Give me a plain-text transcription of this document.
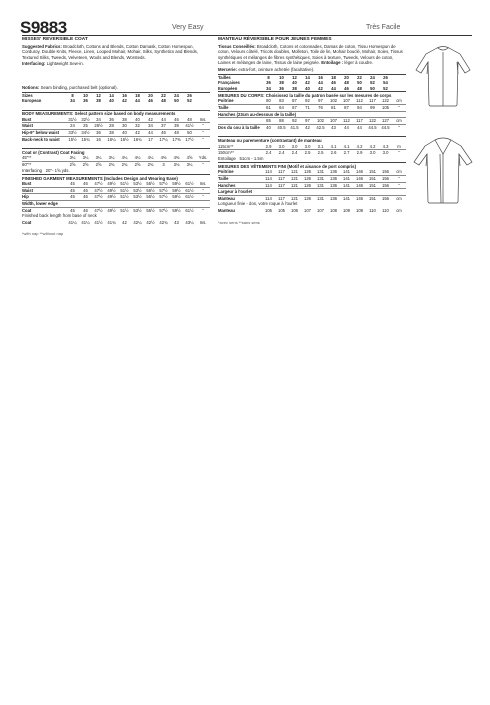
S9883	Very Easy	Très Facile
MISSES' REVERSIBLE COAT

Suggested Fabrics: Broadcloth, Cottons and Blends, Cotton Damask, Cotton Homespun, Corduroy, Double Knits, Fleece, Linen, Looped Mohair, Mohair, Silks, Synthetics and Blends, Textured Silks, Tweeds, Velveteen, Wools and Blends, Worsteds.

Interfacing: Lightweight Sew-in.

Notions: Seam binding, purchased belt (optional).

Sizes	8	10	12	14	16	18	20	22	24	26	
European	34	36	38	40	42	44	46	48	50	52	
BODY MEASUREMENTS: Select pattern size based on body measurements
Bust	31½	32½	34	36	38	40	42	44	46	48	Ins.
Waist	24	25	26½	28	30	32	34	37	39	41½	"
Hip-9" below waist	33½	34½	36	38	40	42	44	46	48	50	"
Back-neck to waist	15½	15¾	16	16¼	16½	16¾	17	17¼	17⅜	17½	"
Coat or (Contrast) Coat Facing
45"**	3¼	3¼	3¼	3¼	4¼	4¼	4¼	4⅜	4⅜	4⅝	Yds.
60"**	2⅝	2⅝	2⅝	2¾	2¾	2⅝	2¾	3	3⅛	3¼	"
Interfacing 20"- 1⅝ yds.
FINISHED GARMENT MEASUREMENTS (Includes Design and Wearing Ease)
Bust	45	46	47½	49½	51½	53½	55½	57½	59½	61½	Ins.
Waist	45	46	47½	49½	51½	53½	55½	57½	59½	61½	"
Hip	45	46	47½	49½	51½	53½	55½	57½	59½	61½	"
Width, lower edge											
Coat	45	46	47½	49½	51½	53½	55½	57½	59½	61½	"
Finished back length from base of neck
Coat	41¼	41¼	41½	41¾	42	42¼	42½	42¾	43	43¼	Ins.
*with nap **without nap
MANTEAU RÉVERSIBLE POUR JEUNES FEMMES

Tissus Conseillés: Broadcloth, Cotons et cotonnades, Damas de coton, Tissu Homespun de coton, Velours côtelé, Tricots doubles, Molleton, Toile de lin, Mohair bouclé, Mohair, Soies, Tissus synthétiques et mélanges de fibres synthétiques, Soies à texture, Tweeds, Velours de coton, Laines et mélanges de laine, Tissus de laine peignée. Entoilage : léger à coudre.

Mercerie: extra-fort, ceinture achetée (facultative).

Tailles	8	10	12	14	16	18	20	22	24	26	
Françaises	36	38	40	42	44	46	48	50	52	54	
Européen	34	36	38	40	42	44	46	48	50	52	
MESURES DU CORPS: Choisissez la taille du patron basée sur les mesures de corps
Poitrine	80	83	87	92	97	102	107	112	117	122	cm
Taille	61	64	67	71	76	81	87	94	99	105	"
Hanches (23cm au-dessous de la taille)											
	85	88	92	97	102	107	112	117	122	127	cm
Dos du cou à la taille	40	40.5	41.5	42	42.5	43	44	44	44.5	44.5	"
Manteau ou parementure (contrastant) de manteau
115cm**	2.9	3.0	3.0	3.0	3.1	4.1	4.1	4.2	4.2	4.3	m
150cm**	2.4	2.4	2.4	2.5	2.5	2.6	2.7	2.9	3.0	3.0	"
Entoilage 51cm - 1.5m
MESURES DES VÊTEMENTS FINI (Motif et aisance de port compris)
Poitrine	114	117	121	126	131	136	141	146	151	156	cm
Taille	114	117	121	126	131	136	141	146	151	156	"
Hanches	114	117	121	126	131	136	141	146	151	156	"
Largeur à l'ourlet											
Manteau	114	117	121	126	131	136	141	146	151	156	cm
Longueur finie - dos, votre roque à l'ourlet
Manteau	105	105	106	107	107	108	109	109	110	110	cm
*avec sens **sans sens
